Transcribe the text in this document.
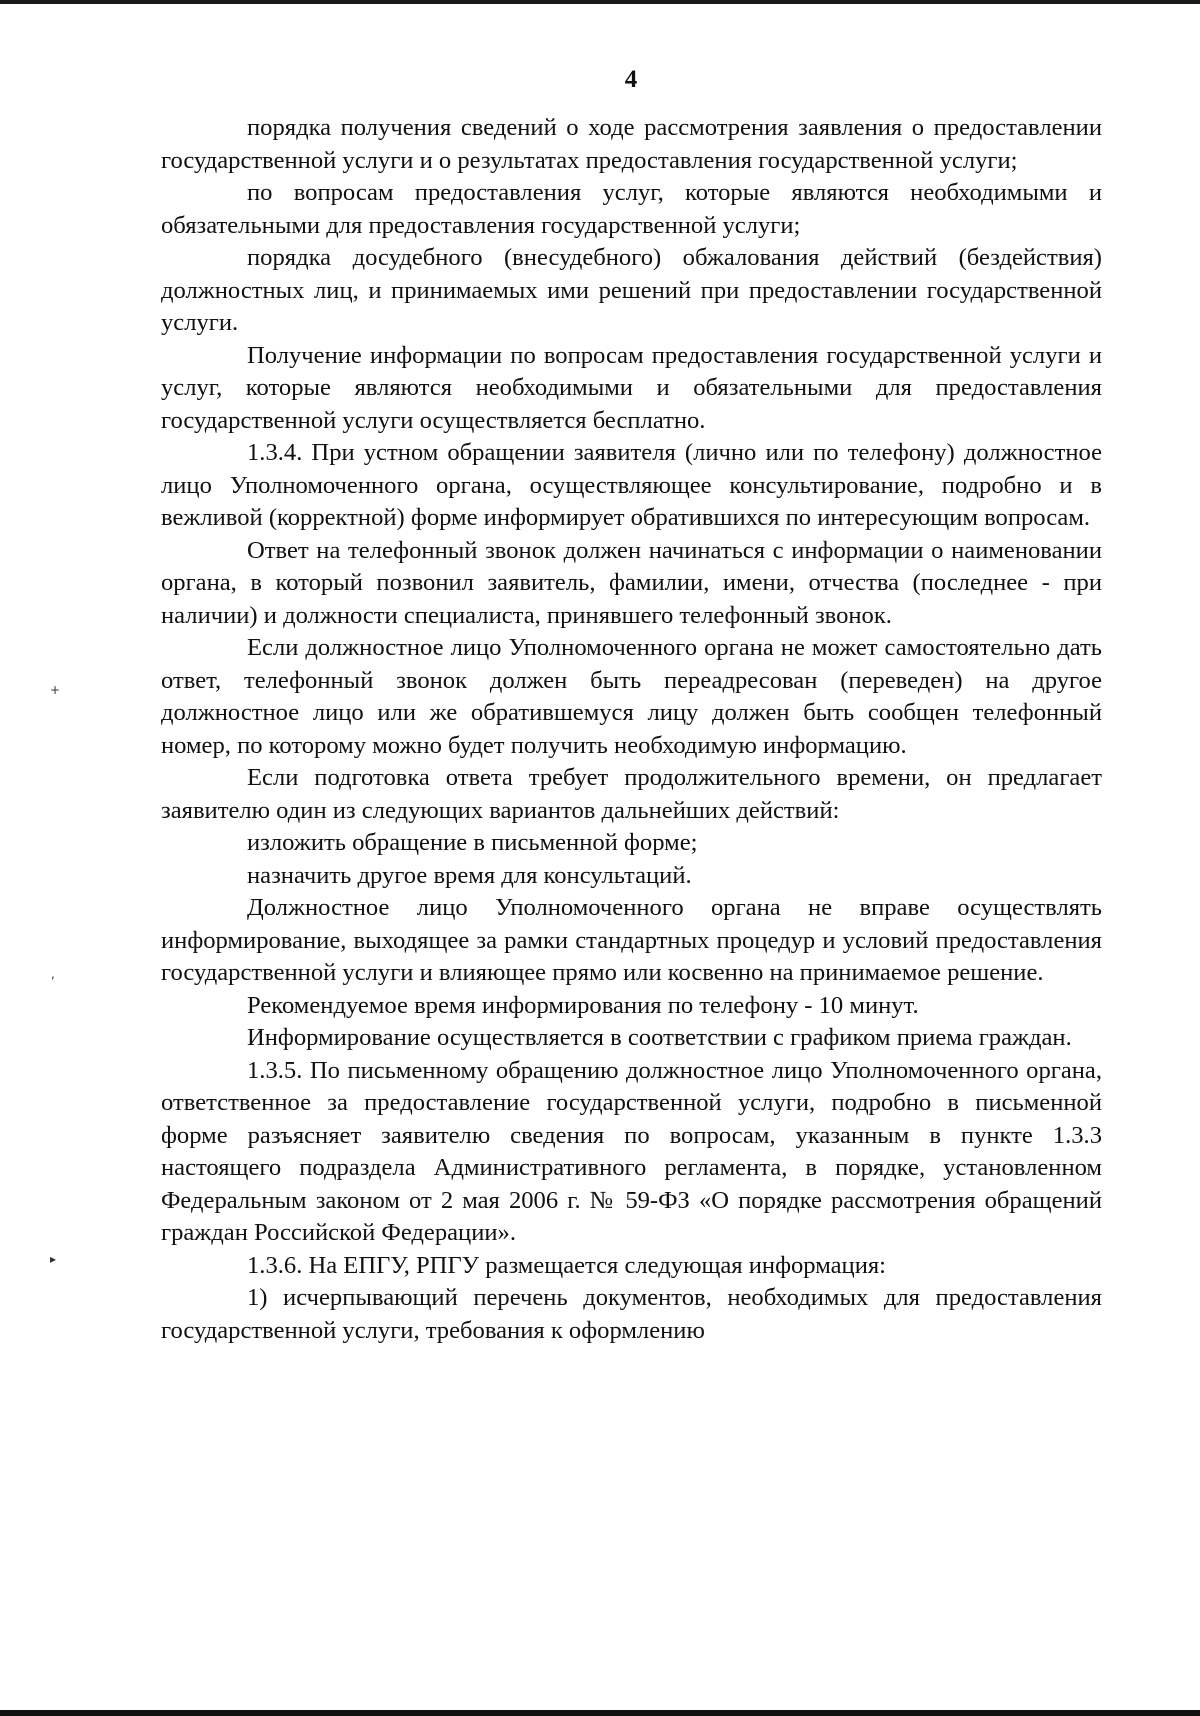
4

порядка получения сведений о ходе рассмотрения заявления о предоставлении государственной услуги и о результатах предоставления государственной услуги;

по вопросам предоставления услуг, которые являются необходимыми и обязательными для предоставления государственной услуги;

порядка досудебного (внесудебного) обжалования действий (бездействия) должностных лиц, и принимаемых ими решений при предоставлении государственной услуги.

Получение информации по вопросам предоставления государственной услуги и услуг, которые являются необходимыми и обязательными для предоставления государственной услуги осуществляется бесплатно.

1.3.4. При устном обращении заявителя (лично или по телефону) должностное лицо Уполномоченного органа, осуществляющее консультирование, подробно и в вежливой (корректной) форме информирует обратившихся по интересующим вопросам.

Ответ на телефонный звонок должен начинаться с информации о наименовании органа, в который позвонил заявитель, фамилии, имени, отчества (последнее - при наличии) и должности специалиста, принявшего телефонный звонок.

Если должностное лицо Уполномоченного органа не может самостоятельно дать ответ, телефонный звонок должен быть переадресован (переведен) на другое должностное лицо или же обратившемуся лицу должен быть сообщен телефонный номер, по которому можно будет получить необходимую информацию.

Если подготовка ответа требует продолжительного времени, он предлагает заявителю один из следующих вариантов дальнейших действий:

изложить обращение в письменной форме;

назначить другое время для консультаций.

Должностное лицо Уполномоченного органа не вправе осуществлять информирование, выходящее за рамки стандартных процедур и условий предоставления государственной услуги и влияющее прямо или косвенно на принимаемое решение.

Рекомендуемое время информирования по телефону - 10 минут.

Информирование осуществляется в соответствии с графиком приема граждан.

1.3.5. По письменному обращению должностное лицо Уполномоченного органа, ответственное за предоставление государственной услуги, подробно в письменной форме разъясняет заявителю сведения по вопросам, указанным в пункте 1.3.3 настоящего подраздела Административного регламента, в порядке, установленном Федеральным законом от 2 мая 2006 г. № 59-ФЗ «О порядке рассмотрения обращений граждан Российской Федерации».

1.3.6. На ЕПГУ, РПГУ размещается следующая информация:

1) исчерпывающий перечень документов, необходимых для предоставления государственной услуги, требования к оформлению

+
,
▸
